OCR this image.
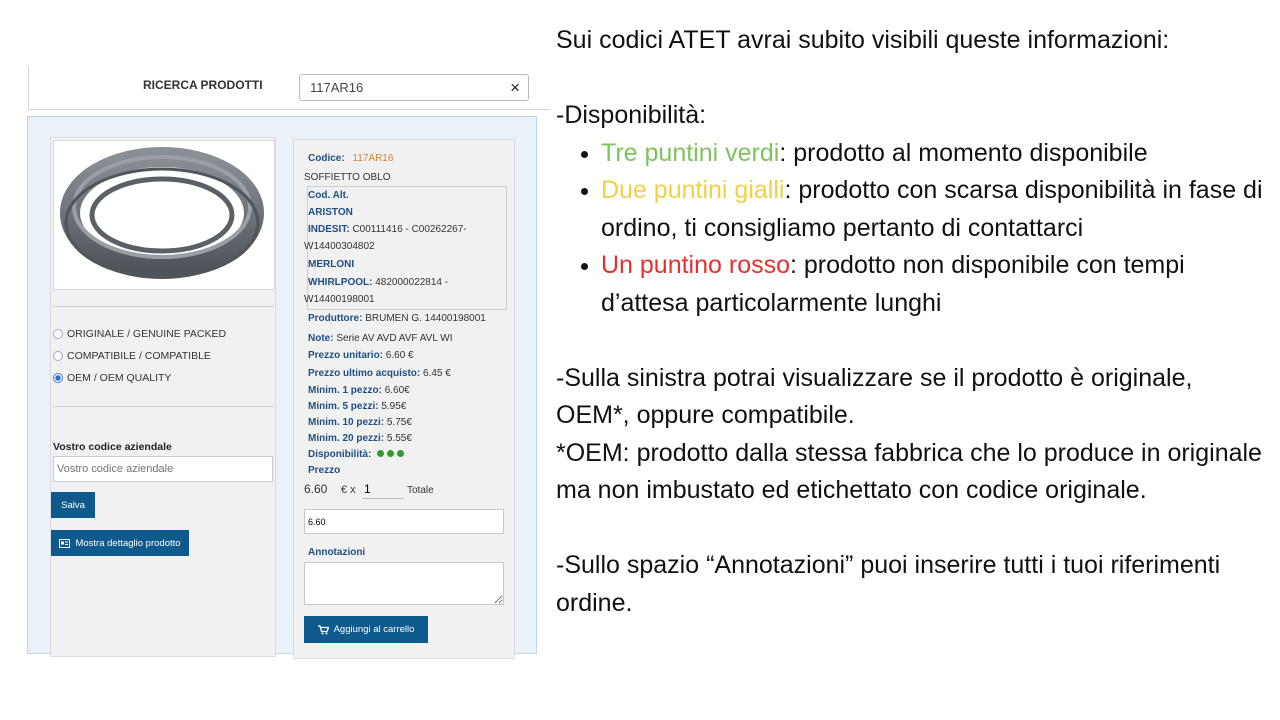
RICERCA PRODOTTI
117AR16	×
ORIGINALE / GENUINE PACKED
COMPATIBILE / COMPATIBLE
OEM / OEM QUALITY
Vostro codice aziendale
Vostro codice aziendale
Salva
Mostra dettaglio prodotto
Codice: 117AR16
SOFFIETTO OBLO
Cod. Alt.
ARISTON
INDESIT: C00111416 - C00262267-
W14400304802
MERLONI
WHIRLPOOL: 482000022814 -
W14400198001
Produttore: BRUMEN G. 14400198001
Note: Serie AV AVD AVF AVL WI
Prezzo unitario: 6.60 €
Prezzo ultimo acquisto: 6.45 €
Minim. 1 pezzo: 6.60€
Minim. 5 pezzi: 5.95€
Minim. 10 pezzi: 5.75€
Minim. 20 pezzi: 5.55€
Disponibilità:
Prezzo
6.60 € x
1	Totale
6.60
Annotazioni
Aggiungi al carrello

Sui codici ATET avrai subito visibili queste informazioni:

-Disponibilità:

Tre puntini verdi: prodotto al momento disponibile
Due puntini gialli: prodotto con scarsa disponibilità in fase di ordino, ti consigliamo pertanto di contattarci
Un puntino rosso: prodotto non disponibile con tempi d’attesa particolarmente lunghi

-Sulla sinistra potrai visualizzare se il prodotto è originale, OEM*, oppure compatibile.

*OEM: prodotto dalla stessa fabbrica che lo produce in originale ma non imbustato ed etichettato con codice originale.

-Sullo spazio “Annotazioni” puoi inserire tutti i tuoi riferimenti ordine.
